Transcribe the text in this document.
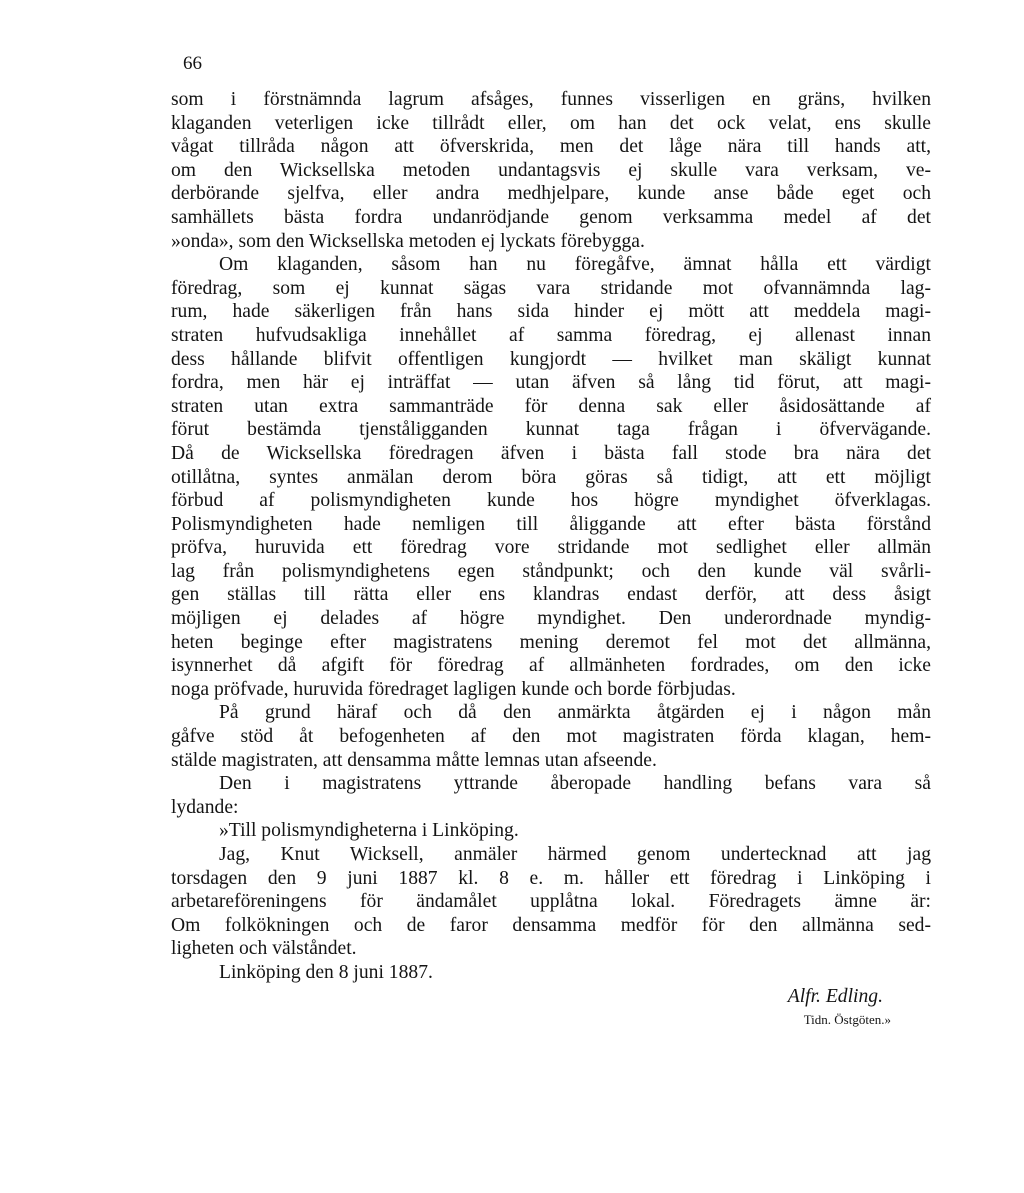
66
som i förstnämnda lagrum afsåges, funnes visserligen en gräns, hvilken
klaganden veterligen icke tillrådt eller, om han det ock velat, ens skulle
vågat tillråda någon att öfverskrida, men det låge nära till hands att,
om den Wicksellska metoden undantagsvis ej skulle vara verksam, ve-
derbörande sjelfva, eller andra medhjelpare, kunde anse både eget och
samhällets bästa fordra undanrödjande genom verksamma medel af det
»onda», som den Wicksellska metoden ej lyckats förebygga.
Om klaganden, såsom han nu föregåfve, ämnat hålla ett värdigt
föredrag, som ej kunnat sägas vara stridande mot ofvannämnda lag-
rum, hade säkerligen från hans sida hinder ej mött att meddela magi-
straten hufvudsakliga innehållet af samma föredrag, ej allenast innan
dess hållande blifvit offentligen kungjordt — hvilket man skäligt kunnat
fordra, men här ej inträffat — utan äfven så lång tid förut, att magi-
straten utan extra sammanträde för denna sak eller åsidosättande af
förut bestämda tjenståligganden kunnat taga frågan i öfvervägande.
Då de Wicksellska föredragen äfven i bästa fall stode bra nära det
otillåtna, syntes anmälan derom böra göras så tidigt, att ett möjligt
förbud af polismyndigheten kunde hos högre myndighet öfverklagas.
Polismyndigheten hade nemligen till åliggande att efter bästa förstånd
pröfva, huruvida ett föredrag vore stridande mot sedlighet eller allmän
lag från polismyndighetens egen ståndpunkt; och den kunde väl svårli-
gen ställas till rätta eller ens klandras endast derför, att dess åsigt
möjligen ej delades af högre myndighet. Den underordnade myndig-
heten beginge efter magistratens mening deremot fel mot det allmänna,
isynnerhet då afgift för föredrag af allmänheten fordrades, om den icke
noga pröfvade, huruvida föredraget lagligen kunde och borde förbjudas.
På grund häraf och då den anmärkta åtgärden ej i någon mån
gåfve stöd åt befogenheten af den mot magistraten förda klagan, hem-
stälde magistraten, att densamma måtte lemnas utan afseende.
Den i magistratens yttrande åberopade handling befans vara så
lydande:
»Till polismyndigheterna i Linköping.
Jag, Knut Wicksell, anmäler härmed genom undertecknad att jag
torsdagen den 9 juni 1887 kl. 8 e. m. håller ett föredrag i Linköping i
arbetareföreningens för ändamålet upplåtna lokal. Föredragets ämne är:
Om folkökningen och de faror densamma medför för den allmänna sed-
ligheten och välståndet.
Linköping den 8 juni 1887.
Alfr. Edling.
Tidn. Östgöten.»
